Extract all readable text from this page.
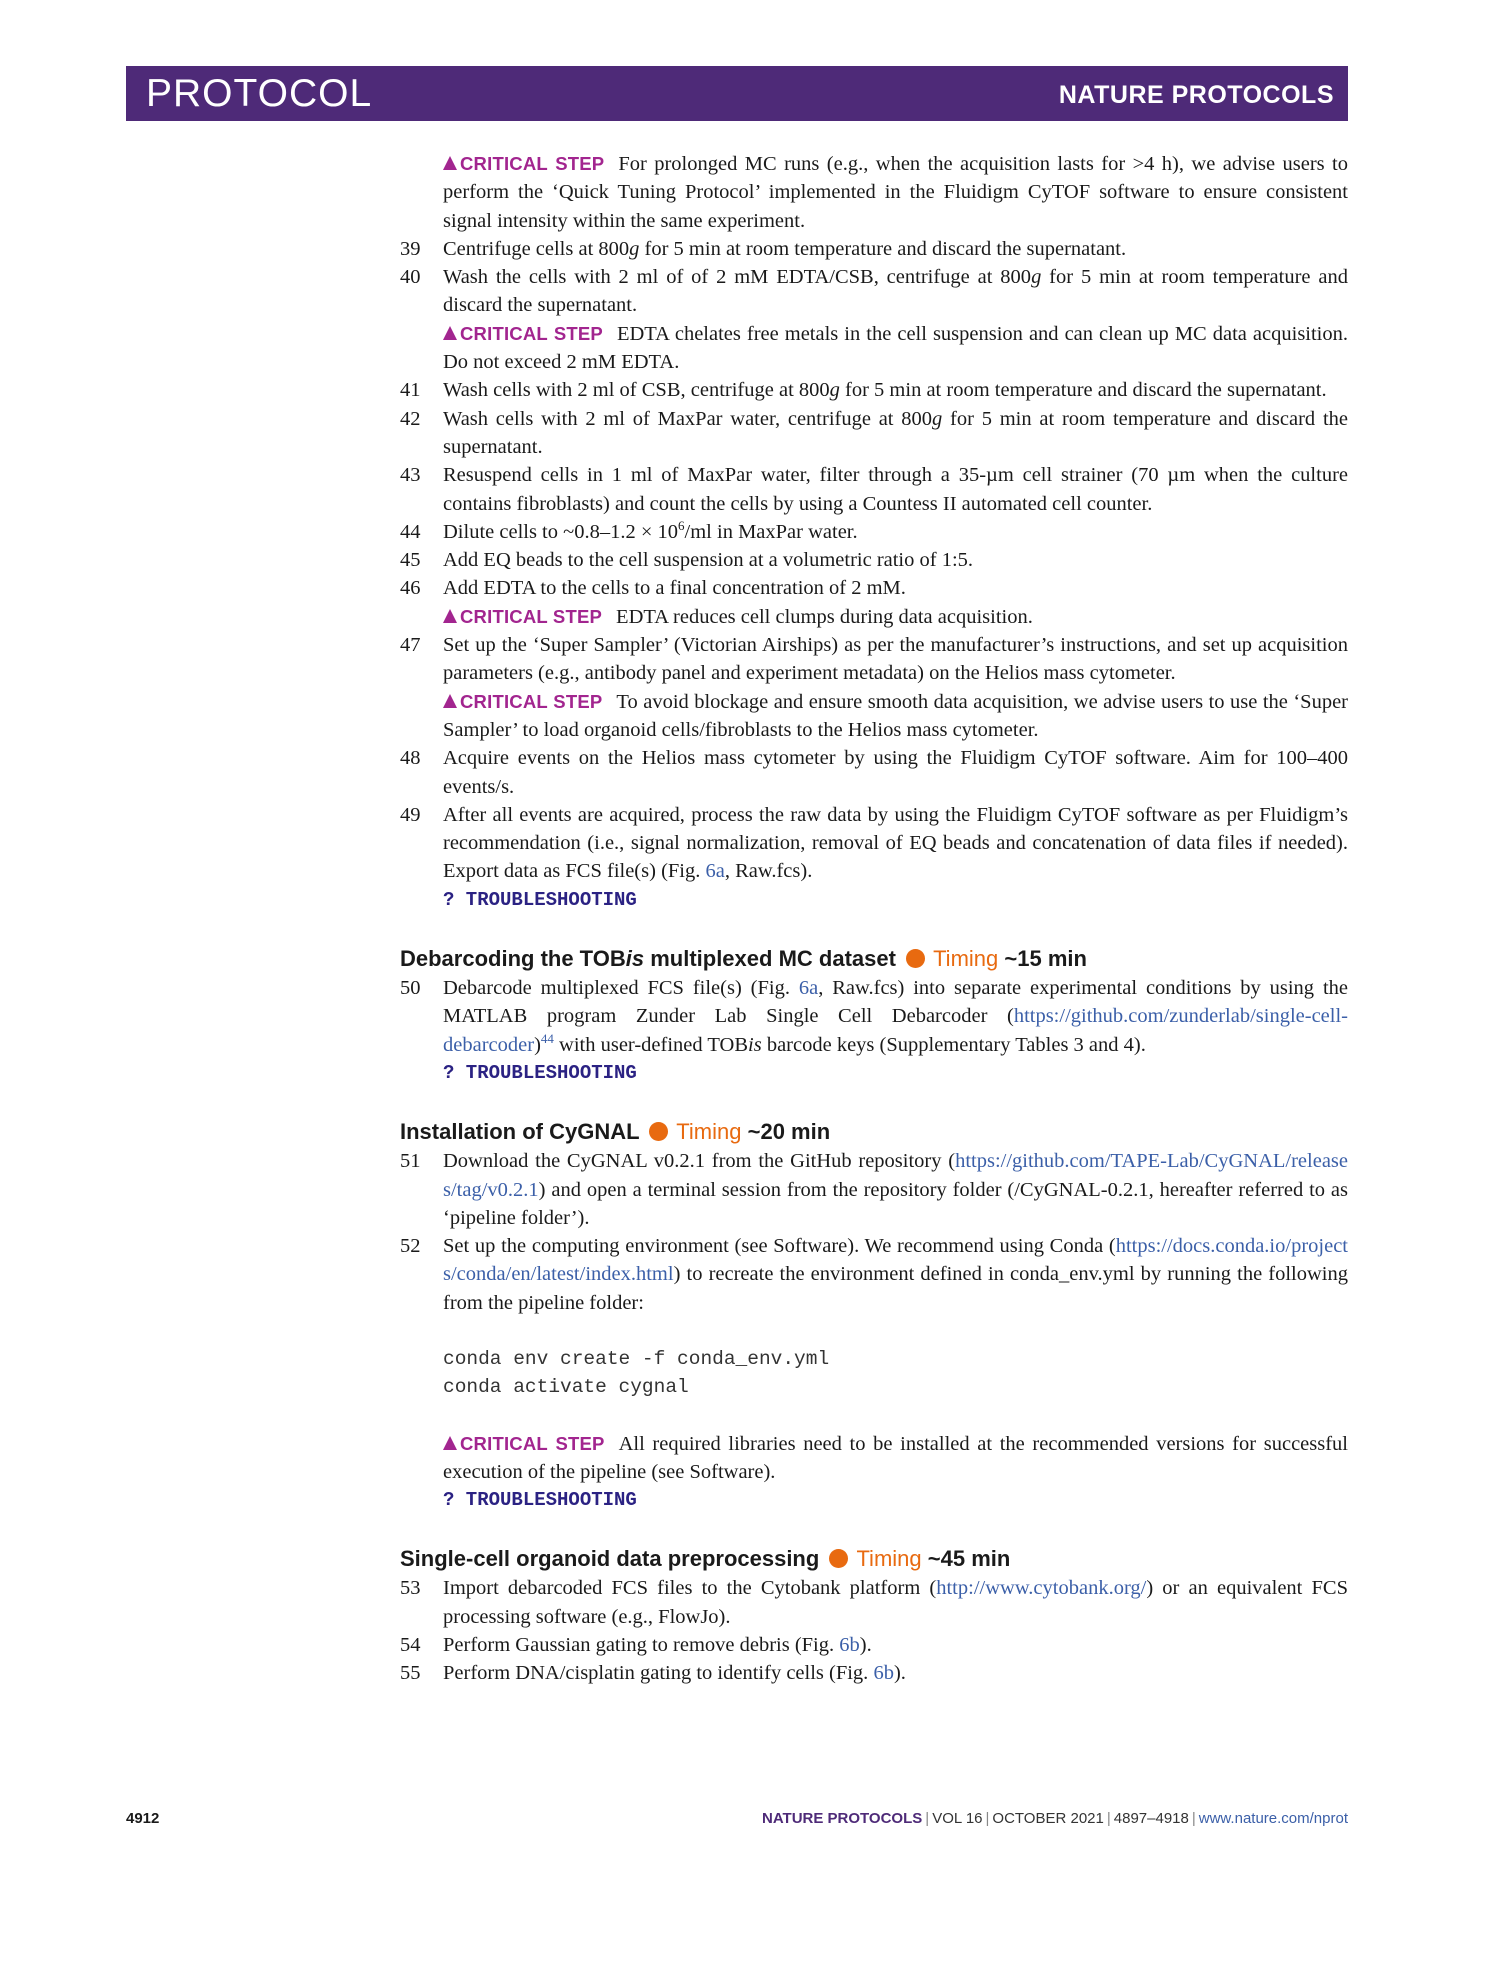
PROTOCOL	NATURE PROTOCOLS
CRITICAL STEP For prolonged MC runs (e.g., when the acquisition lasts for >4 h), we advise users to perform the ‘Quick Tuning Protocol’ implemented in the Fluidigm CyTOF software to ensure consistent signal intensity within the same experiment.
39	Centrifuge cells at 800g for 5 min at room temperature and discard the supernatant.
40	Wash the cells with 2 ml of of 2 mM EDTA/CSB, centrifuge at 800g for 5 min at room temperature and discard the supernatant.
CRITICAL STEP EDTA chelates free metals in the cell suspension and can clean up MC data acquisition. Do not exceed 2 mM EDTA.
41	Wash cells with 2 ml of CSB, centrifuge at 800g for 5 min at room temperature and discard the supernatant.
42	Wash cells with 2 ml of MaxPar water, centrifuge at 800g for 5 min at room temperature and discard the supernatant.
43	Resuspend cells in 1 ml of MaxPar water, filter through a 35-µm cell strainer (70 µm when the culture contains fibroblasts) and count the cells by using a Countess II automated cell counter.
44	Dilute cells to ~0.8–1.2 × $10^6/ml$ in MaxPar water.
45	Add EQ beads to the cell suspension at a volumetric ratio of 1:5.
46	Add EDTA to the cells to a final concentration of 2 mM.
CRITICAL STEP EDTA reduces cell clumps during data acquisition.
47	Set up the ‘Super Sampler’ (Victorian Airships) as per the manufacturer’s instructions, and set up acquisition parameters (e.g., antibody panel and experiment metadata) on the Helios mass cytometer.
CRITICAL STEP To avoid blockage and ensure smooth data acquisition, we advise users to use the ‘Super Sampler’ to load organoid cells/fibroblasts to the Helios mass cytometer.
48	Acquire events on the Helios mass cytometer by using the Fluidigm CyTOF software. Aim for 100–400 events/s.
49	After all events are acquired, process the raw data by using the Fluidigm CyTOF software as per Fluidigm’s recommendation (i.e., signal normalization, removal of EQ beads and concatenation of data files if needed). Export data as FCS file(s) (Fig. 6a, Raw.fcs).
? TROUBLESHOOTING
Debarcoding the TOBis multiplexed MC dataset Timing ~15 min
50	Debarcode multiplexed FCS file(s) (Fig. 6a, Raw.fcs) into separate experimental conditions by using the MATLAB program Zunder Lab Single Cell Debarcoder (https://github.com/zunderlab/single-cell-debarcoder)$^{44}$ with user-defined TOBis barcode keys (Supplementary Tables 3 and 4).
? TROUBLESHOOTING
Installation of CyGNAL Timing ~20 min
51	Download the CyGNAL v0.2.1 from the GitHub repository (https://github.com/TAPE-Lab/CyGNAL/releases/tag/v0.2.1) and open a terminal session from the repository folder (/CyGNAL-0.2.1, hereafter referred to as ‘pipeline folder’).
52	Set up the computing environment (see Software). We recommend using Conda (https://docs.conda.io/projects/conda/en/latest/index.html) to recreate the environment defined in conda_env.yml by running the following from the pipeline folder:
conda env create -f conda_env.yml
conda activate cygnal
CRITICAL STEP All required libraries need to be installed at the recommended versions for successful execution of the pipeline (see Software).
? TROUBLESHOOTING
Single-cell organoid data preprocessing Timing ~45 min
53	Import debarcoded FCS files to the Cytobank platform (http://www.cytobank.org/) or an equivalent FCS processing software (e.g., FlowJo).
54	Perform Gaussian gating to remove debris (Fig. 6b).
55	Perform DNA/cisplatin gating to identify cells (Fig. 6b).
4912	NATURE PROTOCOLS | VOL 16 | OCTOBER 2021 | 4897–4918 | www.nature.com/nprot
